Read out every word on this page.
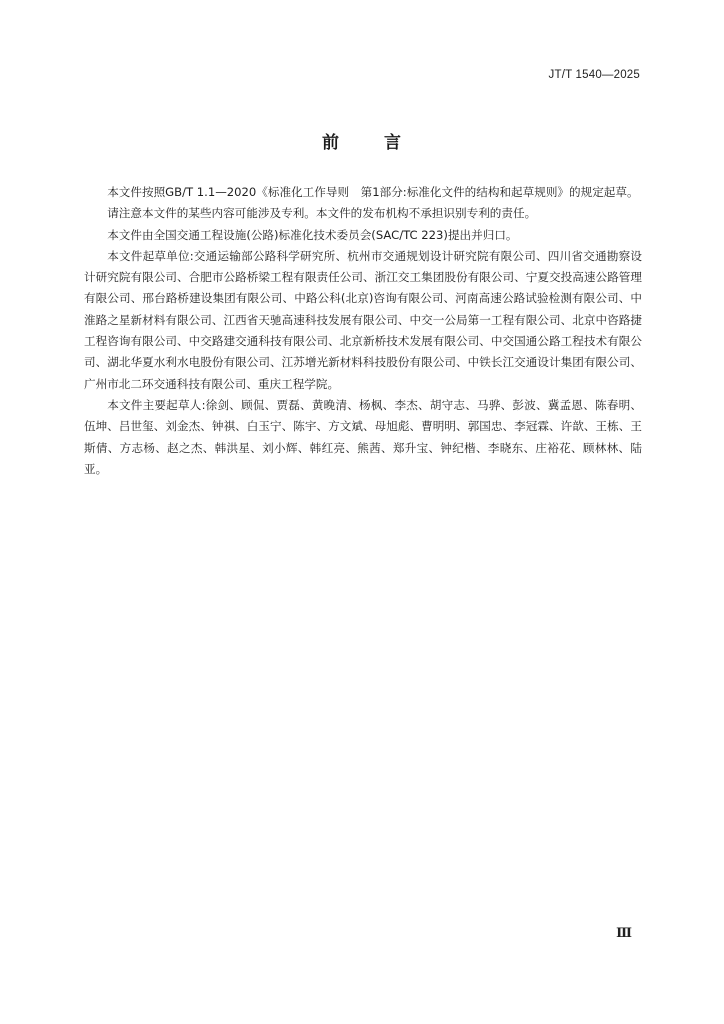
JT/T 1540—2025
前	言

本文件按照GB/T 1.1—2020《标准化工作导则　第1部分:标准化文件的结构和起草规则》的规定起草。

请注意本文件的某些内容可能涉及专利。本文件的发布机构不承担识别专利的责任。

本文件由全国交通工程设施(公路)标准化技术委员会(SAC/TC 223)提出并归口。

本文件起草单位:交通运输部公路科学研究所、杭州市交通规划设计研究院有限公司、四川省交通勘察设计研究院有限公司、合肥市公路桥梁工程有限责任公司、浙江交工集团股份有限公司、宁夏交投高速公路管理有限公司、邢台路桥建设集团有限公司、中路公科(北京)咨询有限公司、河南高速公路试验检测有限公司、中淮路之星新材料有限公司、江西省天驰高速科技发展有限公司、中交一公局第一工程有限公司、北京中咨路捷工程咨询有限公司、中交路建交通科技有限公司、北京新桥技术发展有限公司、中交国通公路工程技术有限公司、湖北华夏水利水电股份有限公司、江苏增光新材料科技股份有限公司、中铁长江交通设计集团有限公司、广州市北二环交通科技有限公司、重庆工程学院。

本文件主要起草人:徐剑、顾侃、贾磊、黄晚清、杨枫、李杰、胡守志、马骅、彭波、冀孟恩、陈春明、伍坤、吕世玺、刘金杰、钟祺、白玉宁、陈宇、方文斌、母旭彪、曹明明、郭国忠、李冠霖、许歆、王栋、王斯倩、方志杨、赵之杰、韩洪星、刘小辉、韩红亮、熊茜、郑升宝、钟纪楷、李晓东、庄裕花、顾林林、陆亚。

Ⅲ
